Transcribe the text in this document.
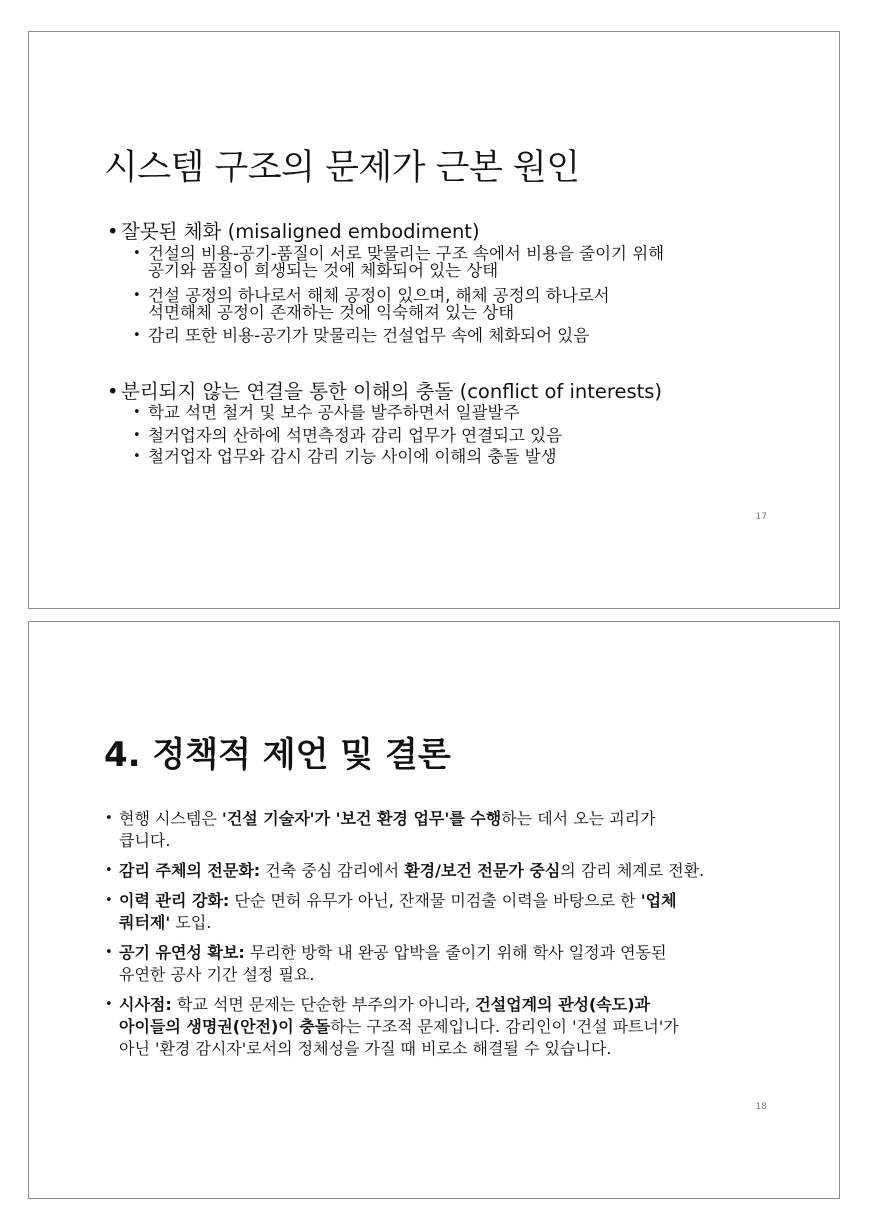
시스템 구조의 문제가 근본 원인
• 잘못된 체화 (misaligned embodiment)
• 건설의 비용-공기-품질이 서로 맞물리는 구조 속에서 비용을 줄이기 위해
공기와 품질이 희생되는 것에 체화되어 있는 상태
• 건설 공정의 하나로서 해체 공정이 있으며, 해체 공정의 하나로서
석면해체 공정이 존재하는 것에 익숙해져 있는 상태
• 감리 또한 비용-공기가 맞물리는 건설업무 속에 체화되어 있음
• 분리되지 않는 연결을 통한 이해의 충돌 (conflict of interests)
• 학교 석면 철거 및 보수 공사를 발주하면서 일괄발주
• 철거업자의 산하에 석면측정과 감리 업무가 연결되고 있음
• 철거업자 업무와 감시 감리 기능 사이에 이해의 충돌 발생
17
4. 정책적 제언 및 결론
• 현행 시스템은 '건설 기술자'가 '보건 환경 업무'를 수행하는 데서 오는 괴리가
큽니다.
• 감리 주체의 전문화: 건축 중심 감리에서 환경/보건 전문가 중심의 감리 체계로 전환.
• 이력 관리 강화: 단순 면허 유무가 아닌, 잔재물 미검출 이력을 바탕으로 한 '업체
쿼터제' 도입.
• 공기 유연성 확보: 무리한 방학 내 완공 압박을 줄이기 위해 학사 일정과 연동된
유연한 공사 기간 설정 필요.
• 시사점: 학교 석면 문제는 단순한 부주의가 아니라, 건설업계의 관성(속도)과
아이들의 생명권(안전)이 충돌하는 구조적 문제입니다. 감리인이 '건설 파트너'가
아닌 '환경 감시자'로서의 정체성을 가질 때 비로소 해결될 수 있습니다.
18
